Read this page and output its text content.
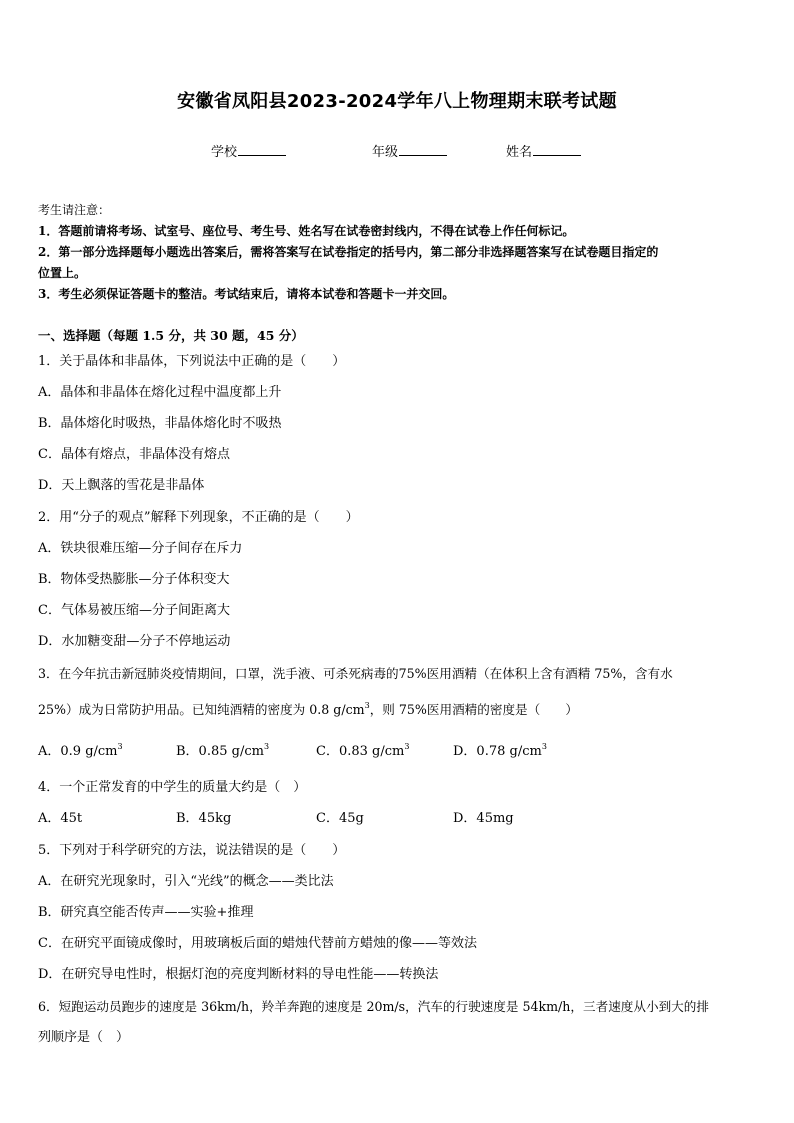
安徽省凤阳县2023-2024学年八上物理期末联考试题
学校	年级	姓名
考生请注意：
1．答题前请将考场、试室号、座位号、考生号、姓名写在试卷密封线内，不得在试卷上作任何标记。
2．第一部分选择题每小题选出答案后，需将答案写在试卷指定的括号内，第二部分非选择题答案写在试卷题目指定的
位置上。
3．考生必须保证答题卡的整洁。考试结束后，请将本试卷和答题卡一并交回。
一、选择题（每题 1.5 分，共 30 题，45 分）
1．关于晶体和非晶体，下列说法中正确的是（　　）
A．晶体和非晶体在熔化过程中温度都上升
B．晶体熔化时吸热，非晶体熔化时不吸热
C．晶体有熔点，非晶体没有熔点
D．天上飘落的雪花是非晶体
2．用“分子的观点”解释下列现象，不正确的是（　　）
A．铁块很难压缩—分子间存在斥力
B．物体受热膨胀—分子体积变大
C．气体易被压缩—分子间距离大
D．水加糖变甜—分子不停地运动
3．在今年抗击新冠肺炎疫情期间，口罩，洗手液、可杀死病毒的75%医用酒精（在体积上含有酒精 75%，含有水
25%）成为日常防护用品。已知纯酒精的密度为 0.8 $g/cm^3$，则 75%医用酒精的密度是（　　）
A．0.9 $g/cm^3$	B．0.85 $g/cm^3$	C．0.83 $g/cm^3$	D．0.78 $g/cm^3$
4．一个正常发育的中学生的质量大约是（　）
A．45t	B．45kg	C．45g	D．45mg
5．下列对于科学研究的方法，说法错误的是（　　）
A．在研究光现象时，引入“光线”的概念——类比法
B．研究真空能否传声——实验+推理
C．在研究平面镜成像时，用玻璃板后面的蜡烛代替前方蜡烛的像——等效法
D．在研究导电性时，根据灯泡的亮度判断材料的导电性能——转换法
6．短跑运动员跑步的速度是 36km/h，羚羊奔跑的速度是 20m/s，汽车的行驶速度是 54km/h，三者速度从小到大的排
列顺序是（　）
